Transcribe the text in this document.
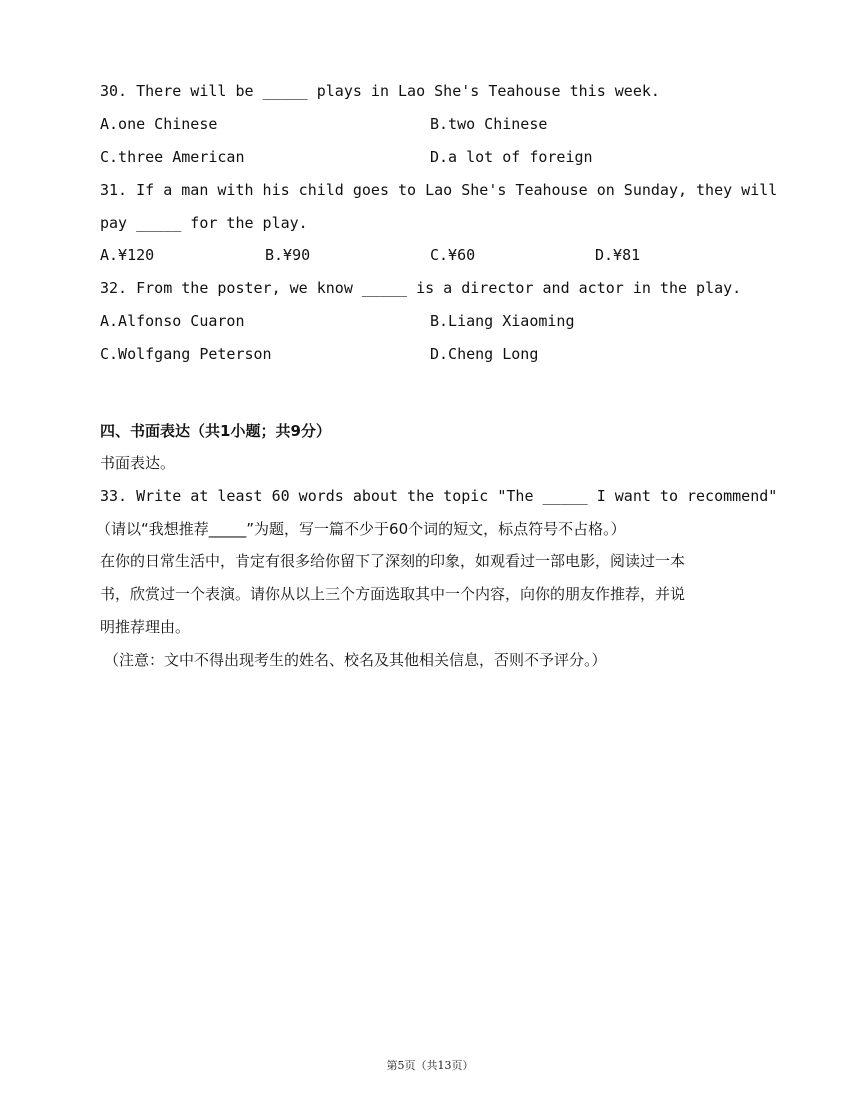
30. There will be _____ plays in Lao She's Teahouse this week.
A.one Chinese	B.two Chinese
C.three American	D.a lot of foreign
31. If a man with his child goes to Lao She's Teahouse on Sunday, they will
pay _____ for the play.
A.¥120	B.¥90	C.¥60	D.¥81
32. From the poster, we know _____ is a director and actor in the play.
A.Alfonso Cuaron	B.Liang Xiaoming
C.Wolfgang Peterson	D.Cheng Long
四、书面表达（共1小题；共9分）
书面表达。
33. Write at least 60 words about the topic "The _____ I want to recommend"
（请以“我想推荐_____”为题，写一篇不少于60个词的短文，标点符号不占格。）
在你的日常生活中，肯定有很多给你留下了深刻的印象，如观看过一部电影，阅读过一本
书，欣赏过一个表演。请你从以上三个方面选取其中一个内容，向你的朋友作推荐，并说
明推荐理由。
（注意：文中不得出现考生的姓名、校名及其他相关信息，否则不予评分。）
第5页（共13页）
